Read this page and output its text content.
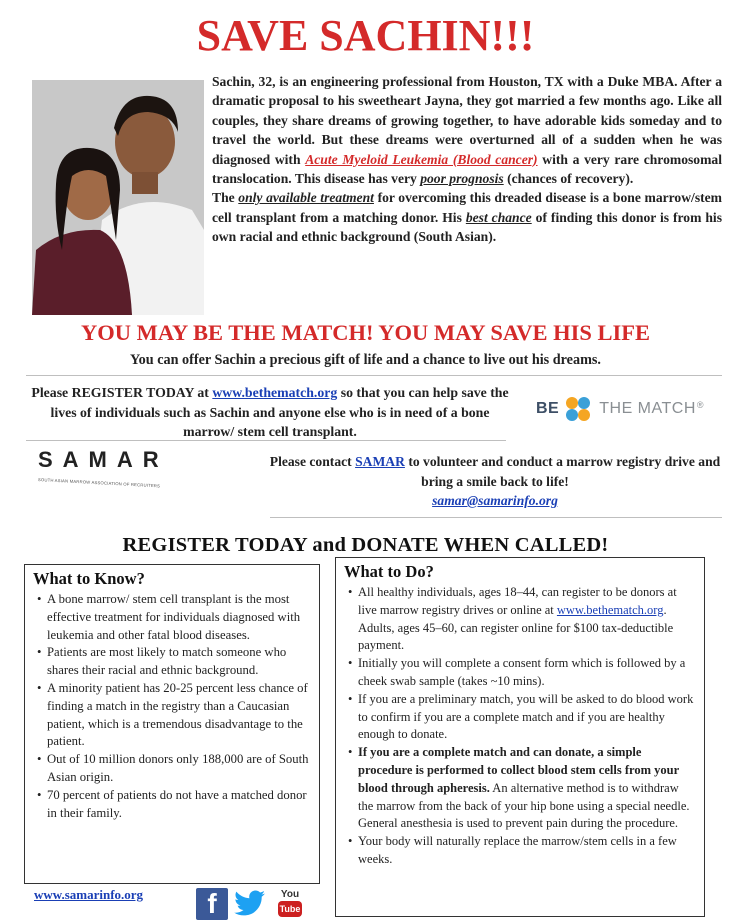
SAVE SACHIN!!!
Sachin, 32, is an engineering professional from Houston, TX with a Duke MBA. After a dramatic proposal to his sweetheart Jayna, they got married a few months ago. Like all couples, they share dreams of growing together, to have adorable kids someday and to travel the world. But these dreams were overturned all of a sudden when he was diagnosed with Acute Myeloid Leukemia (Blood cancer) with a very rare chromosomal translocation. This disease has very poor prognosis (chances of recovery).
The only available treatment for overcoming this dreaded disease is a bone marrow/stem cell transplant from a matching donor. His best chance of finding this donor is from his own racial and ethnic background (South Asian).
YOU MAY BE THE MATCH! YOU MAY SAVE HIS LIFE
You can offer Sachin a precious gift of life and a chance to live out his dreams.
Please REGISTER TODAY at www.bethematch.org so that you can help save the lives of individuals such as Sachin and anyone else who is in need of a bone marrow/ stem cell transplant.
BE	THE MATCH ®
SAMAR
SOUTH ASIAN MARROW ASSOCIATION OF RECRUITERS
Please contact SAMAR to volunteer and conduct a marrow registry drive and bring a smile back to life!
samar@samarinfo.org
REGISTER TODAY and DONATE WHEN CALLED!
What to Know?
• A bone marrow/ stem cell transplant is the most effective treatment for individuals diagnosed with leukemia and other fatal blood diseases.
• Patients are most likely to match someone who shares their racial and ethnic background.
• A minority patient has 20-25 percent less chance of finding a match in the registry than a Caucasian patient, which is a tremendous disadvantage to the patient.
• Out of 10 million donors only 188,000 are of South Asian origin.
• 70 percent of patients do not have a matched donor in their family.
What to Do?
• All healthy individuals, ages 18–44, can register to be donors at live marrow registry drives or online at www.bethematch.org. Adults, ages 45–60, can register online for $100 tax-deductible payment.
• Initially you will complete a consent form which is followed by a cheek swab sample (takes ~10 mins).
• If you are a preliminary match, you will be asked to do blood work to confirm if you are a complete match and if you are healthy enough to donate.
• If you are a complete match and can donate, a simple procedure is performed to collect blood stem cells from your blood through apheresis. An alternative method is to withdraw the marrow from the back of your hip bone using a special needle. General anesthesia is used to prevent pain during the procedure.
• Your body will naturally replace the marrow/stem cells in a few weeks.
www.samarinfo.org	f	You
Tube
